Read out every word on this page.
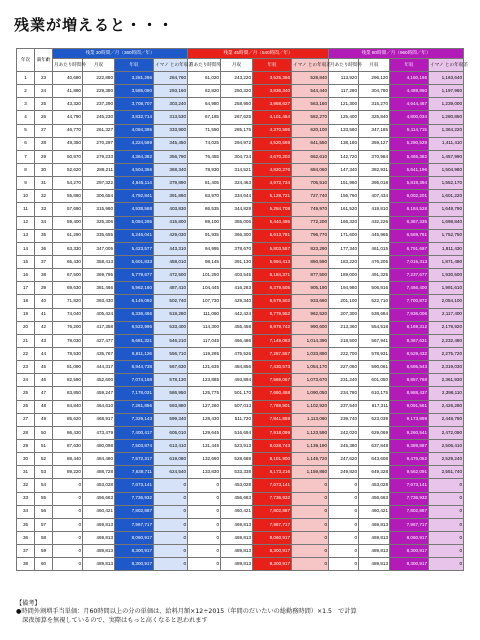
残業が増えると・・・
年次	満年齢	残業 30時間／月（360時間／年）				残業 45時間／月（540時間／年）				残業 80時間／月（960時間／年）			
		月あたり時間外	月収	年収	イマノ との年収差	月あたり時間外	月収	年収	イマノ との年収差	月あたり時間外	月収	年収	イマノ との年収差
1	23	40,680	222,880	3,281,286	284,760	61,020	243,220	3,525,366	528,840	113,920	296,120	4,160,166	1,163,640
2	24	41,880	229,380	3,585,060	293,160	62,820	250,320	3,836,340	544,440	117,280	304,780	4,489,860	1,197,960
3	25	43,320	237,290	3,708,707	303,240	64,980	258,950	3,968,627	563,160	121,300	315,270	4,644,467	1,239,000
4	26	44,790	245,230	3,832,714	313,530	67,185	267,625	4,101,454	582,270	125,400	325,840	4,800,034	1,280,850
5	27	46,770	261,327	4,084,395	333,900	71,550	285,175	4,370,595	620,100	133,560	347,185	5,114,715	1,364,220
6	28	49,350	270,297	4,224,569	345,450	74,025	294,972	4,520,669	641,550	138,180	359,127	5,290,529	1,411,410
7	29	50,970	279,233	4,364,382	356,790	76,455	304,724	4,670,202	662,610	142,720	370,984	5,465,382	1,457,990
8	30	52,620	288,211	4,504,356	368,340	78,930	314,521	4,820,276	684,060	147,340	382,931	5,641,196	1,504,980
9	31	54,270	297,322	4,645,114	379,890	81,405	324,463	4,972,734	705,510	151,960	395,018	5,819,394	1,552,170
10	32	55,880	306,654	4,792,841	391,860	83,970	334,644	5,128,721	727,740	156,760	407,434	6,002,201	1,601,220
11	33	57,690	315,980	4,938,568	403,830	86,535	344,829	5,284,708	749,970	161,520	419,810	6,184,528	1,649,790
12	34	59,400	325,306	5,084,295	415,800	89,100	355,006	5,440,495	772,200	166,320	432,226	6,367,335	1,698,840
13	35	61,290	335,655	5,246,041	429,030	91,935	366,300	5,613,781	796,770	171,600	445,965	6,569,761	1,752,750
14	36	63,330	347,005	5,423,577	443,310	94,995	378,670	5,803,557	823,290	177,340	461,015	6,791,697	1,811,430
15	37	65,430	358,413	5,601,833	458,010	98,145	391,130	5,994,413	850,590	183,220	476,205	7,015,313	1,871,490
16	38	67,500	369,795	5,779,677	472,500	101,250	403,545	6,184,371	877,500	189,000	491,325	7,237,677	1,930,500
17	39	69,630	381,466	5,962,160	487,410	104,445	416,283	6,379,505	905,190	194,980	506,816	7,466,400	1,991,610
18	40	71,820	393,430	6,149,092	502,740	107,730	429,340	6,579,502	933,660	201,100	522,710	7,700,872	2,054,100
19	41	74,040	405,424	6,336,466	518,280	111,060	442,424	6,779,952	962,520	207,300	538,684	7,936,006	2,117,400
20	42	76,200	417,358	6,522,996	533,400	114,300	455,458	6,979,742	990,600	213,360	554,518	8,169,312	2,179,920
21	43	78,030	427,477	6,681,321	546,210	117,045	466,486	7,149,083	1,014,390	218,500	567,941	8,367,631	2,232,480
22	44	79,530	435,767	6,811,126	556,710	119,295	475,526	7,287,557	1,033,890	222,700	578,931	8,529,432	2,275,720
23	45	81,090	444,317	6,944,738	567,630	121,635	484,856	7,430,573	1,054,170	227,060	590,061	8,695,543	2,319,030
24	46	82,590	452,600	7,074,168	578,130	123,885	493,894	7,569,067	1,073,670	231,240	601,050	8,857,768	2,361,930
25	47	83,850	459,247	7,178,031	586,950	125,775	501,170	7,680,458	1,090,050	234,780	610,175	8,988,437	2,398,110
26	48	84,840	464,610	7,261,856	593,880	127,260	507,013	7,769,901	1,102,920	237,540	617,311	9,091,561	2,426,280
27	49	85,620	468,917	7,329,143	599,340	128,430	511,720	7,841,859	1,113,060	239,740	623,039	9,173,899	2,448,780
28	50	86,430	473,479	7,400,417	605,010	129,645	516,694	7,918,099	1,123,590	242,020	629,069	9,260,541	2,472,090
29	51	87,630	480,098	7,503,874	613,410	131,445	523,913	8,028,743	1,139,190	245,380	637,848	9,389,887	2,506,410
30	52	88,440	484,480	7,572,317	619,080	132,660	528,688	8,101,900	1,149,720	247,620	643,608	9,476,052	2,529,240
31	53	89,220	488,728	7,638,711	624,540	133,830	533,338	8,173,216	1,159,860	249,820	649,328	9,562,091	2,551,740
32	54	0	453,028	7,673,141	0	0	453,028	7,673,141	0	0	453,028	7,673,141	0
33	55	0	456,663	7,736,932	0	0	456,663	7,736,932	0	0	456,663	7,736,932	0
34	56	0	460,421	7,802,887	0	0	460,421	7,802,887	0	0	460,421	7,802,887	0
35	57	0	469,813	7,967,717	0	0	469,813	7,967,717	0	0	469,813	7,967,717	0
36	58	0	469,813	8,060,917	0	0	469,813	8,060,917	0	0	469,813	8,060,917	0
37	59	0	489,813	8,300,917	0	0	489,813	8,300,917	0	0	489,813	8,300,917	0
38	60	0	489,813	8,300,917	0	0	489,813	8,300,917	0	0	489,813	8,300,917	0
【備考】
●時間外割増手当単価：月60時間以上の分の単価は、給料月額×12÷2015（年間のだいたいの総勤務時間）×1.5　で計算
　深夜加算を無視しているので、実際はもっと高くなると思われます
